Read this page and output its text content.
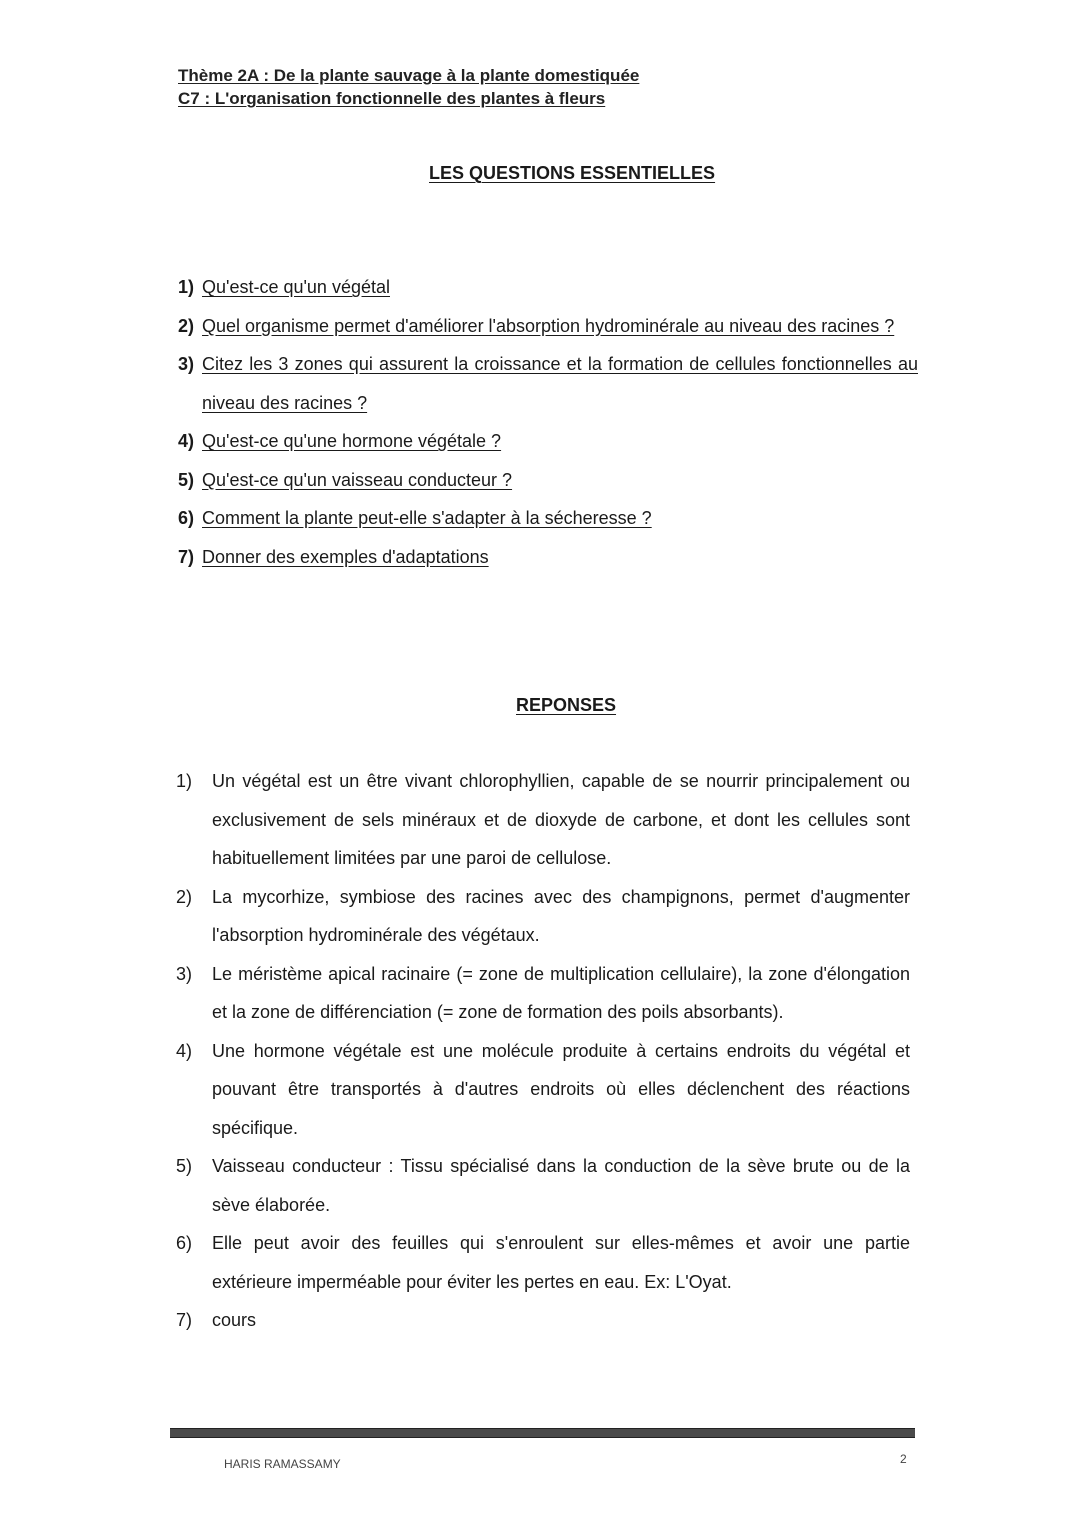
Thème 2A : De la plante sauvage à la plante domestiquée
C7 : L'organisation fonctionnelle des plantes à fleurs
LES QUESTIONS ESSENTIELLES
1) Qu'est-ce qu'un végétal
2) Quel organisme permet d'améliorer l'absorption hydrominérale au niveau des racines ?
3) Citez les 3 zones qui assurent la croissance et la formation de cellules fonctionnelles au niveau des racines ?
4) Qu'est-ce qu'une hormone végétale ?
5) Qu'est-ce qu'un vaisseau conducteur ?
6) Comment la plante peut-elle s'adapter à la sécheresse ?
7) Donner des exemples d'adaptations
REPONSES
1) Un végétal est un être vivant chlorophyllien, capable de se nourrir principalement ou exclusivement de sels minéraux et de dioxyde de carbone, et dont les cellules sont habituellement limitées par une paroi de cellulose.
2) La mycorhize, symbiose des racines avec des champignons, permet d'augmenter l'absorption hydrominérale des végétaux.
3) Le méristème apical racinaire (= zone de multiplication cellulaire), la zone d'élongation et la zone de différenciation (= zone de formation des poils absorbants).
4) Une hormone végétale est une molécule produite à certains endroits du végétal et pouvant être transportés à d'autres endroits où elles déclenchent des réactions spécifique.
5) Vaisseau conducteur : Tissu spécialisé dans la conduction de la sève brute ou de la sève élaborée.
6) Elle peut avoir des feuilles qui s'enroulent sur elles-mêmes et avoir une partie extérieure imperméable pour éviter les pertes en eau. Ex: L'Oyat.
7) cours
HARIS RAMASSAMY	2
